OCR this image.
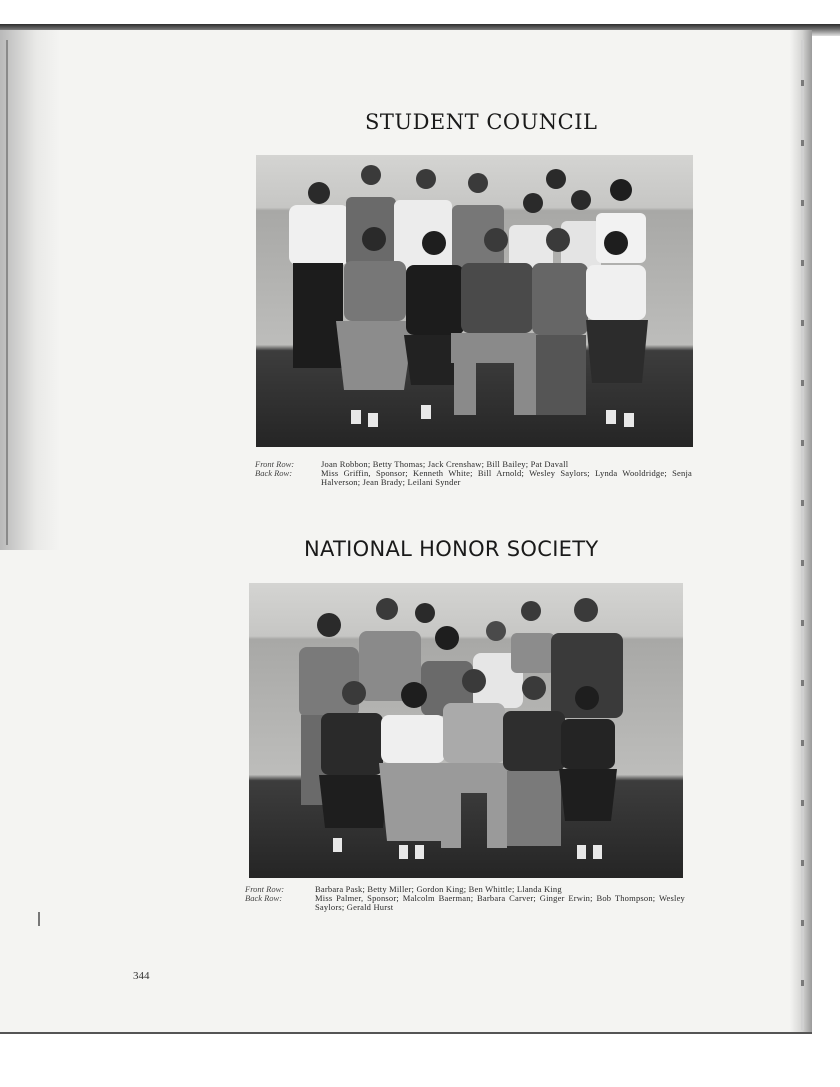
STUDENT COUNCIL
Front Row:	Joan Robbon; Betty Thomas; Jack Crenshaw; Bill Bailey; Pat Davall
Back Row:	Miss Griffin, Sponsor; Kenneth White; Bill Arnold; Wesley Saylors; Lynda Wooldridge; Senja Halverson; Jean Brady; Leilani Synder
NATIONAL HONOR SOCIETY
Front Row:	Barbara Pask; Betty Miller; Gordon King; Ben Whittle; Llanda King
Back Row:	Miss Palmer, Sponsor; Malcolm Baerman; Barbara Carver; Ginger Erwin; Bob Thompson; Wesley Saylors; Gerald Hurst
344
